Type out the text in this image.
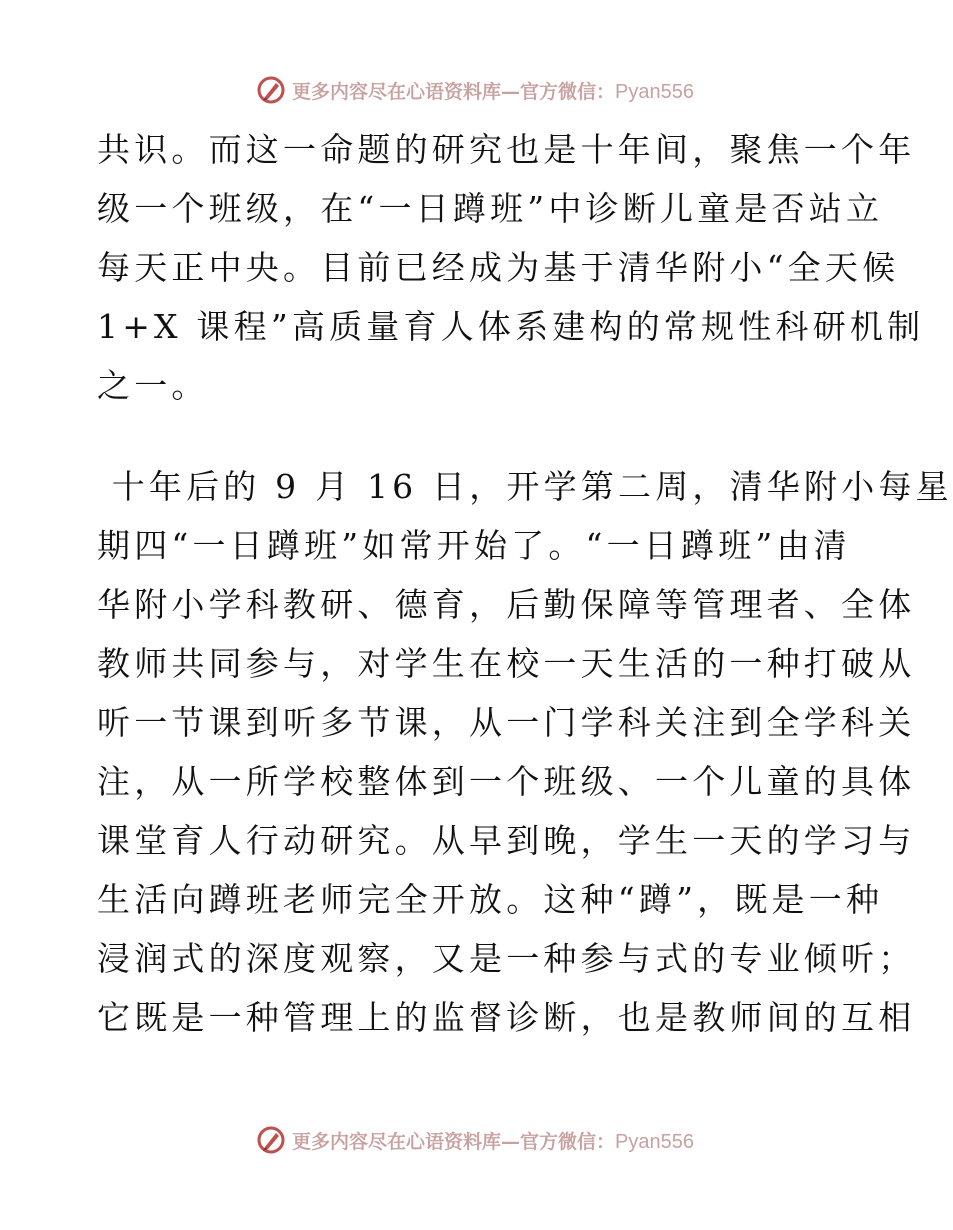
更多内容尽在心语资料库—官方微信：Pyan556
共识。而这一命题的研究也是十年间，聚焦一个年
级一个班级，在“一日蹲班”中诊断儿童是否站立
每天正中央。目前已经成为基于清华附小“全天候
1+X 课程”高质量育人体系建构的常规性科研机制
之一。
十年后的 9 月 16 日，开学第二周，清华附小每星
期四“一日蹲班”如常开始了。“一日蹲班”由清
华附小学科教研、德育，后勤保障等管理者、全体
教师共同参与，对学生在校一天生活的一种打破从
听一节课到听多节课，从一门学科关注到全学科关
注，从一所学校整体到一个班级、一个儿童的具体
课堂育人行动研究。从早到晚，学生一天的学习与
生活向蹲班老师完全开放。这种“蹲”，既是一种
浸润式的深度观察，又是一种参与式的专业倾听；
它既是一种管理上的监督诊断，也是教师间的互相
更多内容尽在心语资料库—官方微信：Pyan556
